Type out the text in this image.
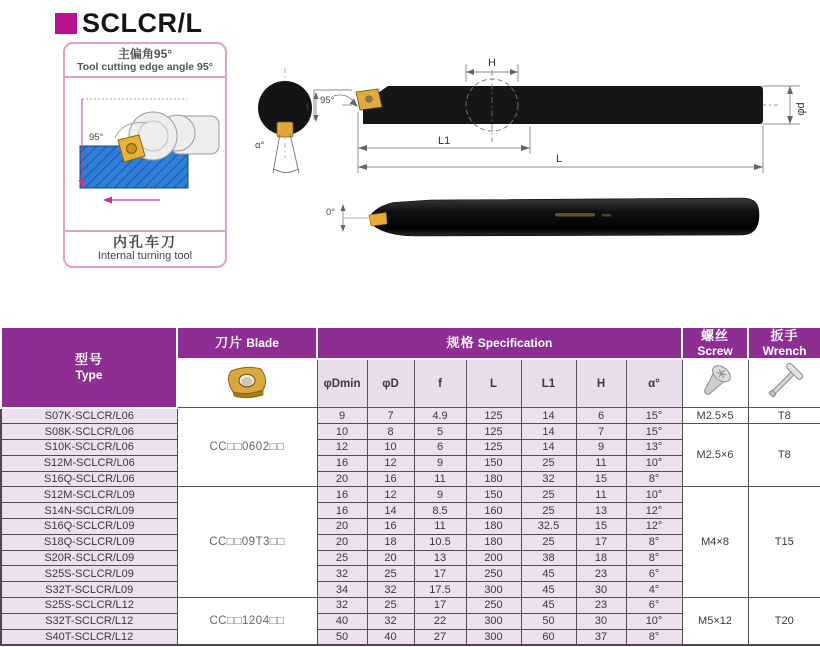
SCLCR/L
主偏角95°
Tool cutting edge angle 95°
95°
内孔车刀
Internal turning tool
α°
95°
f
H
φd
L1
L
0°
型号
Type
	刀片 Blade	规格 Specification	螺丝
Screw

扳手
Wrench

	φDmin	φD	f	L	L1	H	α°		
S07K-SCLCR/L06	CC□□0602□□	9	7	4.9	125	14	6	15°	M2.5×5	T8
S08K-SCLCR/L06		10	8	5	125	14	7	15°	M2.5×6	T8
S10K-SCLCR/L06		12	10	6	125	14	9	13°		
S12M-SCLCR/L06		16	12	9	150	25	11	10°		
S16Q-SCLCR/L06		20	16	11	180	32	15	8°		
S12M-SCLCR/L09	CC□□09T3□□	16	12	9	150	25	11	10°	M4×8	T15
S14N-SCLCR/L09		16	14	8.5	160	25	13	12°		
S16Q-SCLCR/L09		20	16	11	180	32.5	15	12°		
S18Q-SCLCR/L09		20	18	10.5	180	25	17	8°		
S20R-SCLCR/L09		25	20	13	200	38	18	8°		
S25S-SCLCR/L09		32	25	17	250	45	23	6°		
S32T-SCLCR/L09		34	32	17.5	300	45	30	4°		
S25S-SCLCR/L12	CC□□1204□□	32	25	17	250	45	23	6°	M5×12	T20
S32T-SCLCR/L12		40	32	22	300	50	30	10°		
S40T-SCLCR/L12		50	40	27	300	60	37	8°		
